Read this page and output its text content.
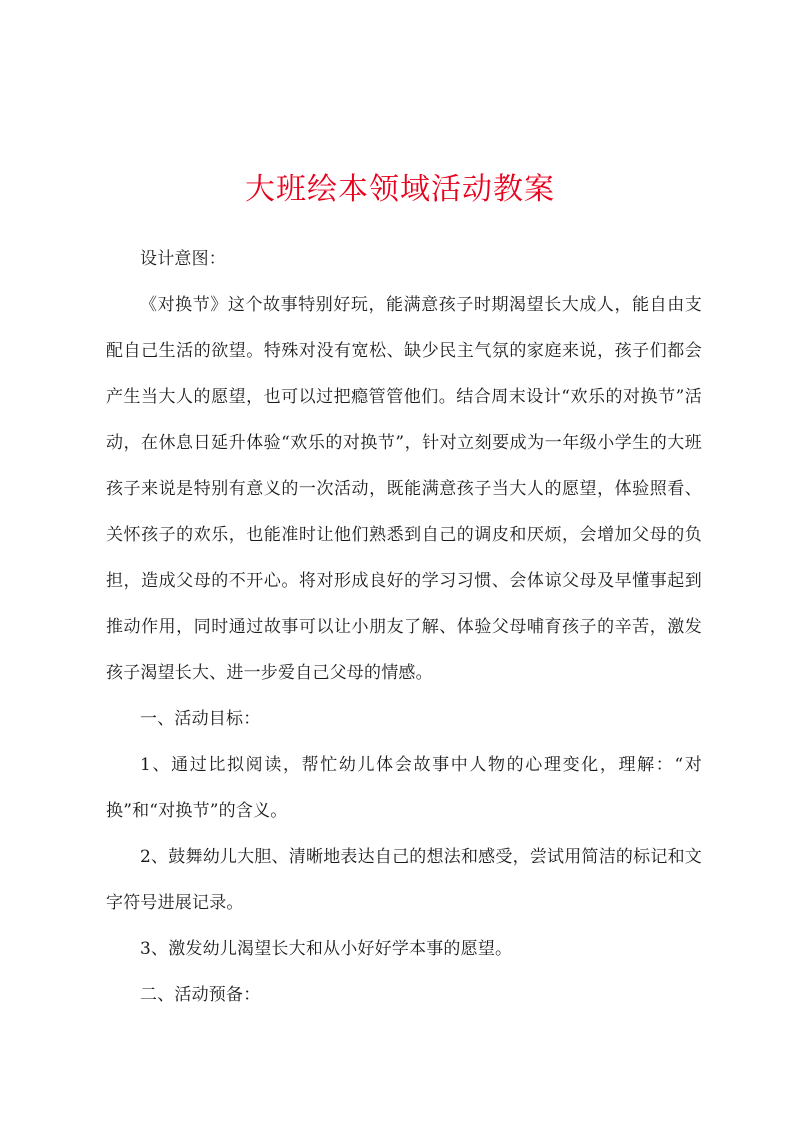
大班绘本领域活动教案

设计意图：

《对换节》这个故事特别好玩，能满意孩子时期渴望长大成人，能自由支配自己生活的欲望。特殊对没有宽松、缺少民主气氛的家庭来说，孩子们都会产生当大人的愿望，也可以过把瘾管管他们。结合周末设计“欢乐的对换节”活动，在休息日延升体验“欢乐的对换节”，针对立刻要成为一年级小学生的大班孩子来说是特别有意义的一次活动，既能满意孩子当大人的愿望，体验照看、关怀孩子的欢乐，也能准时让他们熟悉到自己的调皮和厌烦，会增加父母的负担，造成父母的不开心。将对形成良好的学习习惯、会体谅父母及早懂事起到推动作用，同时通过故事可以让小朋友了解、体验父母哺育孩子的辛苦，激发孩子渴望长大、进一步爱自己父母的情感。

一、活动目标：

1、通过比拟阅读，帮忙幼儿体会故事中人物的心理变化，理解：“对换”和“对换节”的含义。

2、鼓舞幼儿大胆、清晰地表达自己的想法和感受，尝试用简洁的标记和文字符号进展记录。

3、激发幼儿渴望长大和从小好好学本事的愿望。

二、活动预备：
